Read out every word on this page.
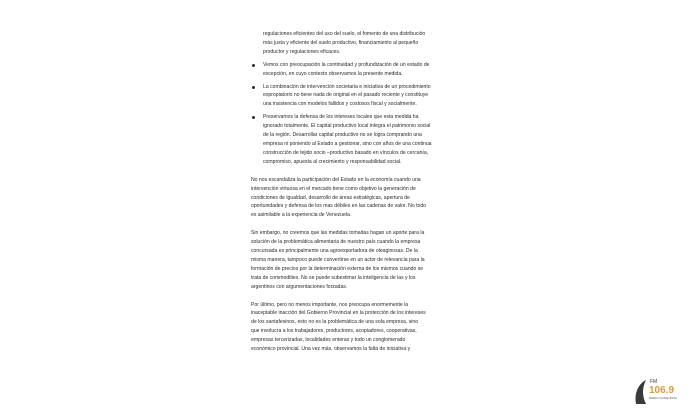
regulaciones eficientes del uso del suelo, el fomento de una distribución
más justa y eficiente del suelo productivo, financiamiento al pequeño
productor y regulaciones eficaces.
Vemos con preocupación la continuidad y profundización de un estado de
excepción, en cuyo contexto observamos la presente medida.
La combinación de intervención societaria e iniciativa de un procedimiento
expropiatorio no tiene nada de original en el pasado reciente y constituye
una insistencia con modelos fallidos y costosos fiscal y socialmente.
Preservamos la defensa de los intereses locales que esta medida ha
ignorado totalmente. El capital productivo local integra el patrimonio social
de la región. Desarrollar capital productivo no se logra comprando una
empresa ni poniendo al Estado a gestionar, sino con años de una continua
construcción de tejido socio –productivo basado en vínculos de cercanía,
compromiso, apuesta al crecimiento y responsabilidad social.
No nos escandaliza la participación del Estado en la economía cuando una
intervención virtuosa en el mercado tiene como objetivo la generación de
condiciones de igualdad, desarrollo de áreas estratégicas, apertura de
oportunidades y defensa de los mas débiles en las cadenas de valor. No todo
es asimilable a la experiencia de Venezuela.
Sin embargo, no creemos que las medidas tomadas hagan un aporte para la
solución de la problemática alimentaria de nuestro país cuando la empresa
concursada es principalmente una agroexportadora de oleaginosas. De la
misma manera, tampoco puede convertirse en un actor de relevancia para la
formación de precios por la determinación externa de los mismos cuando se
trata de commodities. No se puede subestimar la inteligencia de las y los
argentinos con argumentaciones forzadas.
Por último, pero no menos importante, nos preocupa enormemente la
inaceptable inacción del Gobierno Provincial en la protección de los intereses
de los santafesinos, esto no es la problemática de una sola empresa, sino
que involucra a los trabajadores, productores, acopiadores, cooperativas,
empresas tercerizadas, localidades enteras y todo un conglomerado
económico provincial. Una vez más, observamos la falta de iniciativa y
FM
106.9
RADIO CONQUISTA
